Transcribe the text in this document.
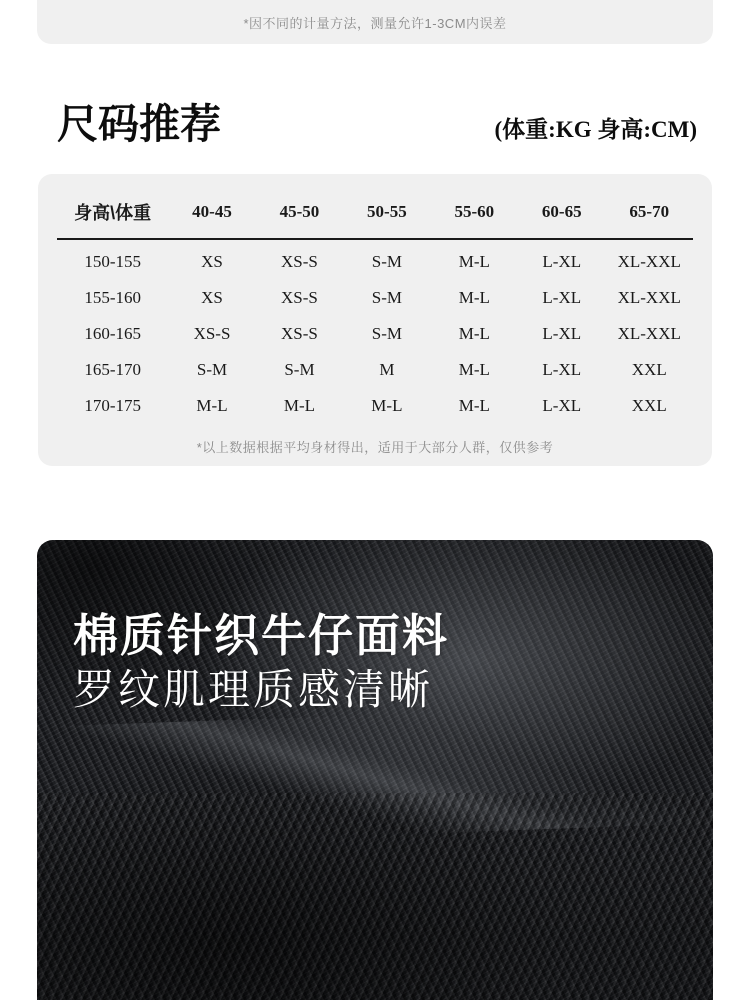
*因不同的计量方法，测量允许1-3CM内误差
尺码推荐	(体重:KG 身高:CM)
身高\体重	40-45	45-50	50-55	55-60	60-65	65-70
150-155	XS	XS-S	S-M	M-L	L-XL	XL-XXL
155-160	XS	XS-S	S-M	M-L	L-XL	XL-XXL
160-165	XS-S	XS-S	S-M	M-L	L-XL	XL-XXL
165-170	S-M	S-M	M	M-L	L-XL	XXL
170-175	M-L	M-L	M-L	M-L	L-XL	XXL
*以上数据根据平均身材得出，适用于大部分人群，仅供参考
棉质针织牛仔面料
罗纹肌理质感清晰
